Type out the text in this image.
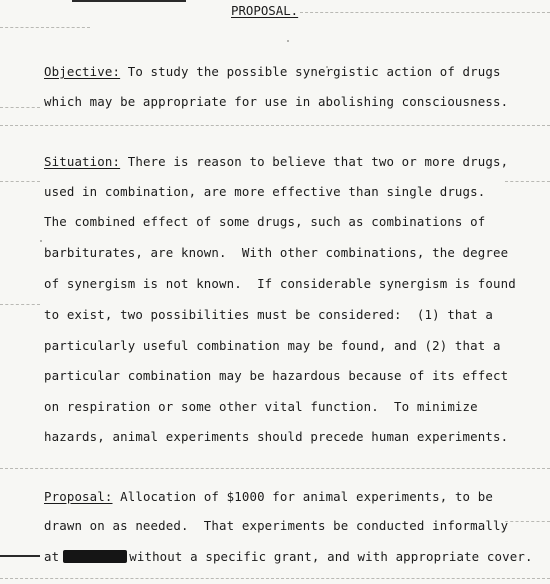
PROPOSAL.
Objective: To study the possible synergistic action of drugs
which may be appropriate for use in abolishing consciousness.
Situation: There is reason to believe that two or more drugs,
used in combination, are more effective than single drugs.
The combined effect of some drugs, such as combinations of
barbiturates, are known.  With other combinations, the degree
of synergism is not known.  If considerable synergism is found
to exist, two possibilities must be considered:  (1) that a
particularly useful combination may be found, and (2) that a
particular combination may be hazardous because of its effect
on respiration or some other vital function.  To minimize
hazards, animal experiments should precede human experiments.
Proposal: Allocation of $1000 for animal experiments, to be
drawn on as needed.  That experiments be conducted informally
at	without a specific grant, and with appropriate cover.
